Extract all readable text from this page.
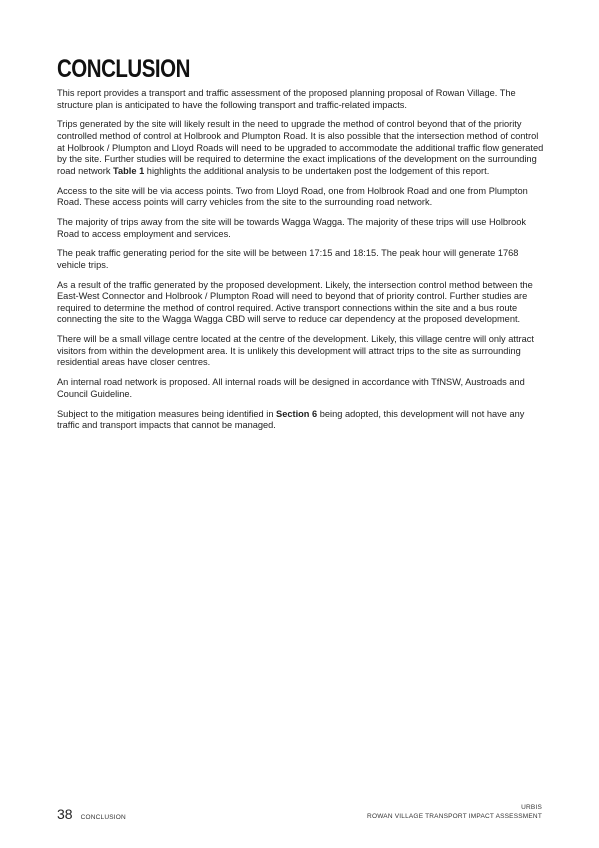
CONCLUSION

This report provides a transport and traffic assessment of the proposed planning proposal of Rowan Village. The structure plan is anticipated to have the following transport and traffic-related impacts.

Trips generated by the site will likely result in the need to upgrade the method of control beyond that of the priority controlled method of control at Holbrook and Plumpton Road. It is also possible that the intersection method of control at Holbrook / Plumpton and Lloyd Roads will need to be upgraded to accommodate the additional traffic flow generated by the site. Further studies will be required to determine the exact implications of the development on the surrounding road network Table 1 highlights the additional analysis to be undertaken post the lodgement of this report.

Access to the site will be via access points. Two from Lloyd Road, one from Holbrook Road and one from Plumpton Road. These access points will carry vehicles from the site to the surrounding road network.

The majority of trips away from the site will be towards Wagga Wagga. The majority of these trips will use Holbrook Road to access employment and services.

The peak traffic generating period for the site will be between 17:15 and 18:15. The peak hour will generate 1768 vehicle trips.

As a result of the traffic generated by the proposed development. Likely, the intersection control method between the East-West Connector and Holbrook / Plumpton Road will need to beyond that of priority control. Further studies are required to determine the method of control required. Active transport connections within the site and a bus route connecting the site to the Wagga Wagga CBD will serve to reduce car dependency at the proposed development.

There will be a small village centre located at the centre of the development. Likely, this village centre will only attract visitors from within the development area. It is unlikely this development will attract trips to the site as surrounding residential areas have closer centres.

An internal road network is proposed. All internal roads will be designed in accordance with TfNSW, Austroads and Council Guideline.

Subject to the mitigation measures being identified in Section 6 being adopted, this development will not have any traffic and transport impacts that cannot be managed.

38 CONCLUSION
URBIS
ROWAN VILLAGE TRANSPORT IMPACT ASSESSMENT
